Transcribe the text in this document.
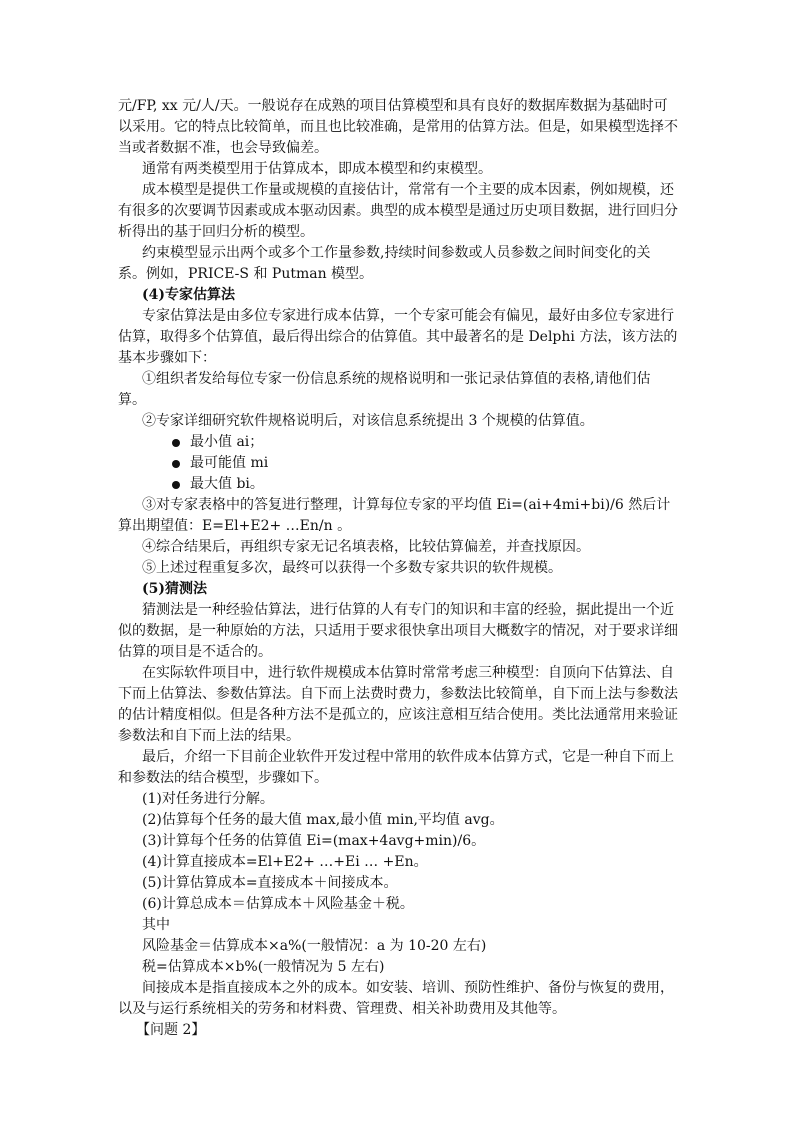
元/FP, xx 元/人/天。一般说存在成熟的项目估算模型和具有良好的数据库数据为基础时可以采用。它的特点比较简单，而且也比较准确，是常用的估算方法。但是，如果模型选择不当或者数据不准，也会导致偏差。

通常有两类模型用于估算成本，即成本模型和约束模型。

成本模型是提供工作量或规模的直接估计，常常有一个主要的成本因素，例如规模，还有很多的次要调节因素或成本驱动因素。典型的成本模型是通过历史项目数据，进行回归分析得出的基于回归分析的模型。

约束模型显示出两个或多个工作量参数,持续时间参数或人员参数之间时间变化的关系。例如，PRICE-S 和 Putman 模型。

(4)专家估算法

专家估算法是由多位专家进行成本估算，一个专家可能会有偏见，最好由多位专家进行估算，取得多个估算值，最后得出综合的估算值。其中最著名的是 Delphi 方法，该方法的基本步骤如下：

①组织者发给每位专家一份信息系统的规格说明和一张记录估算值的表格,请他们估算。

②专家详细研究软件规格说明后，对该信息系统提出 3 个规模的估算值。

最小值 ai；

最可能值 mi

最大值 bi。

③对专家表格中的答复进行整理，计算每位专家的平均值 Ei=(ai+4mi+bi)/6 然后计算出期望值：E=El+E2+ …En/n 。

④综合结果后，再组织专家无记名填表格，比较估算偏差，并查找原因。

⑤上述过程重复多次，最终可以获得一个多数专家共识的软件规模。

(5)猜测法

猜测法是一种经验估算法，进行估算的人有专门的知识和丰富的经验，据此提出一个近似的数据，是一种原始的方法，只适用于要求很快拿出项目大概数字的情况，对于要求详细估算的项目是不适合的。

在实际软件项目中，进行软件规模成本估算时常常考虑三种模型：自顶向下估算法、自下而上估算法、参数估算法。自下而上法费时费力，参数法比较简单，自下而上法与参数法的估计精度相似。但是各种方法不是孤立的，应该注意相互结合使用。类比法通常用来验证参数法和自下而上法的结果。

最后，介绍一下目前企业软件开发过程中常用的软件成本估算方式，它是一种自下而上和参数法的结合模型，步骤如下。

(1)对任务进行分解。

(2)估算每个任务的最大值 max,最小值 min,平均值 avg。

(3)计算每个任务的估算值 Ei=(max+4avg+min)/6。

(4)计算直接成本=El+E2+ …+Ei … +En。

(5)计算估算成本=直接成本＋间接成本。

(6)计算总成本＝估算成本＋风险基金＋税。

其中

风险基金＝估算成本×a%(一般情况：a 为 10-20 左右)

税=估算成本×b%(一般情况为 5 左右)

间接成本是指直接成本之外的成本。如安装、培训、预防性维护、备份与恢复的费用，以及与运行系统相关的劳务和材料费、管理费、相关补助费用及其他等。

【问题 2】
